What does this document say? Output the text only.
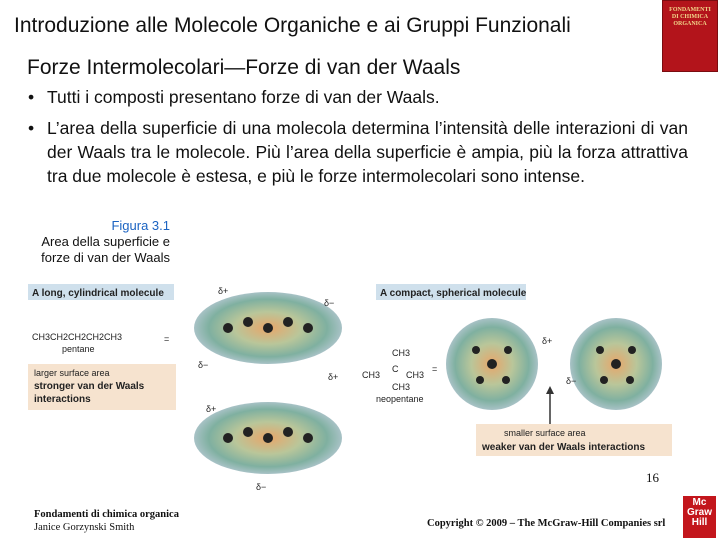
Introduzione alle Molecole Organiche e ai Gruppi Funzionali
FONDAMENTI DI CHIMICA ORGANICA
Forze Intermolecolari—Forze di van der Waals
• Tutti i composti presentano forze di van der Waals.
• L’area della superficie di una molecola determina l’intensità delle interazioni di van der Waals tra le molecole. Più l’area della superficie è ampia, più la forza attrattiva tra due molecole è estesa, e più le forze intermolecolari sono intense.
Figura 3.1
Area della superficie e forze di van der Waals
A long, cylindrical molecule
CH3CH2CH2CH2CH3
pentane
=
larger surface area
stronger van der Waals
interactions
δ+
δ−
δ−
δ+
δ+
δ−
A compact, spherical molecule
CH3
C
CH3	CH3
CH3
neopentane
=
δ+
δ−
smaller surface area
weaker van der Waals interactions
16
Fondamenti di chimica organica
Janice Gorzynski Smith	Copyright © 2009 – The McGraw-Hill Companies srl
Mc
Graw
Hill
